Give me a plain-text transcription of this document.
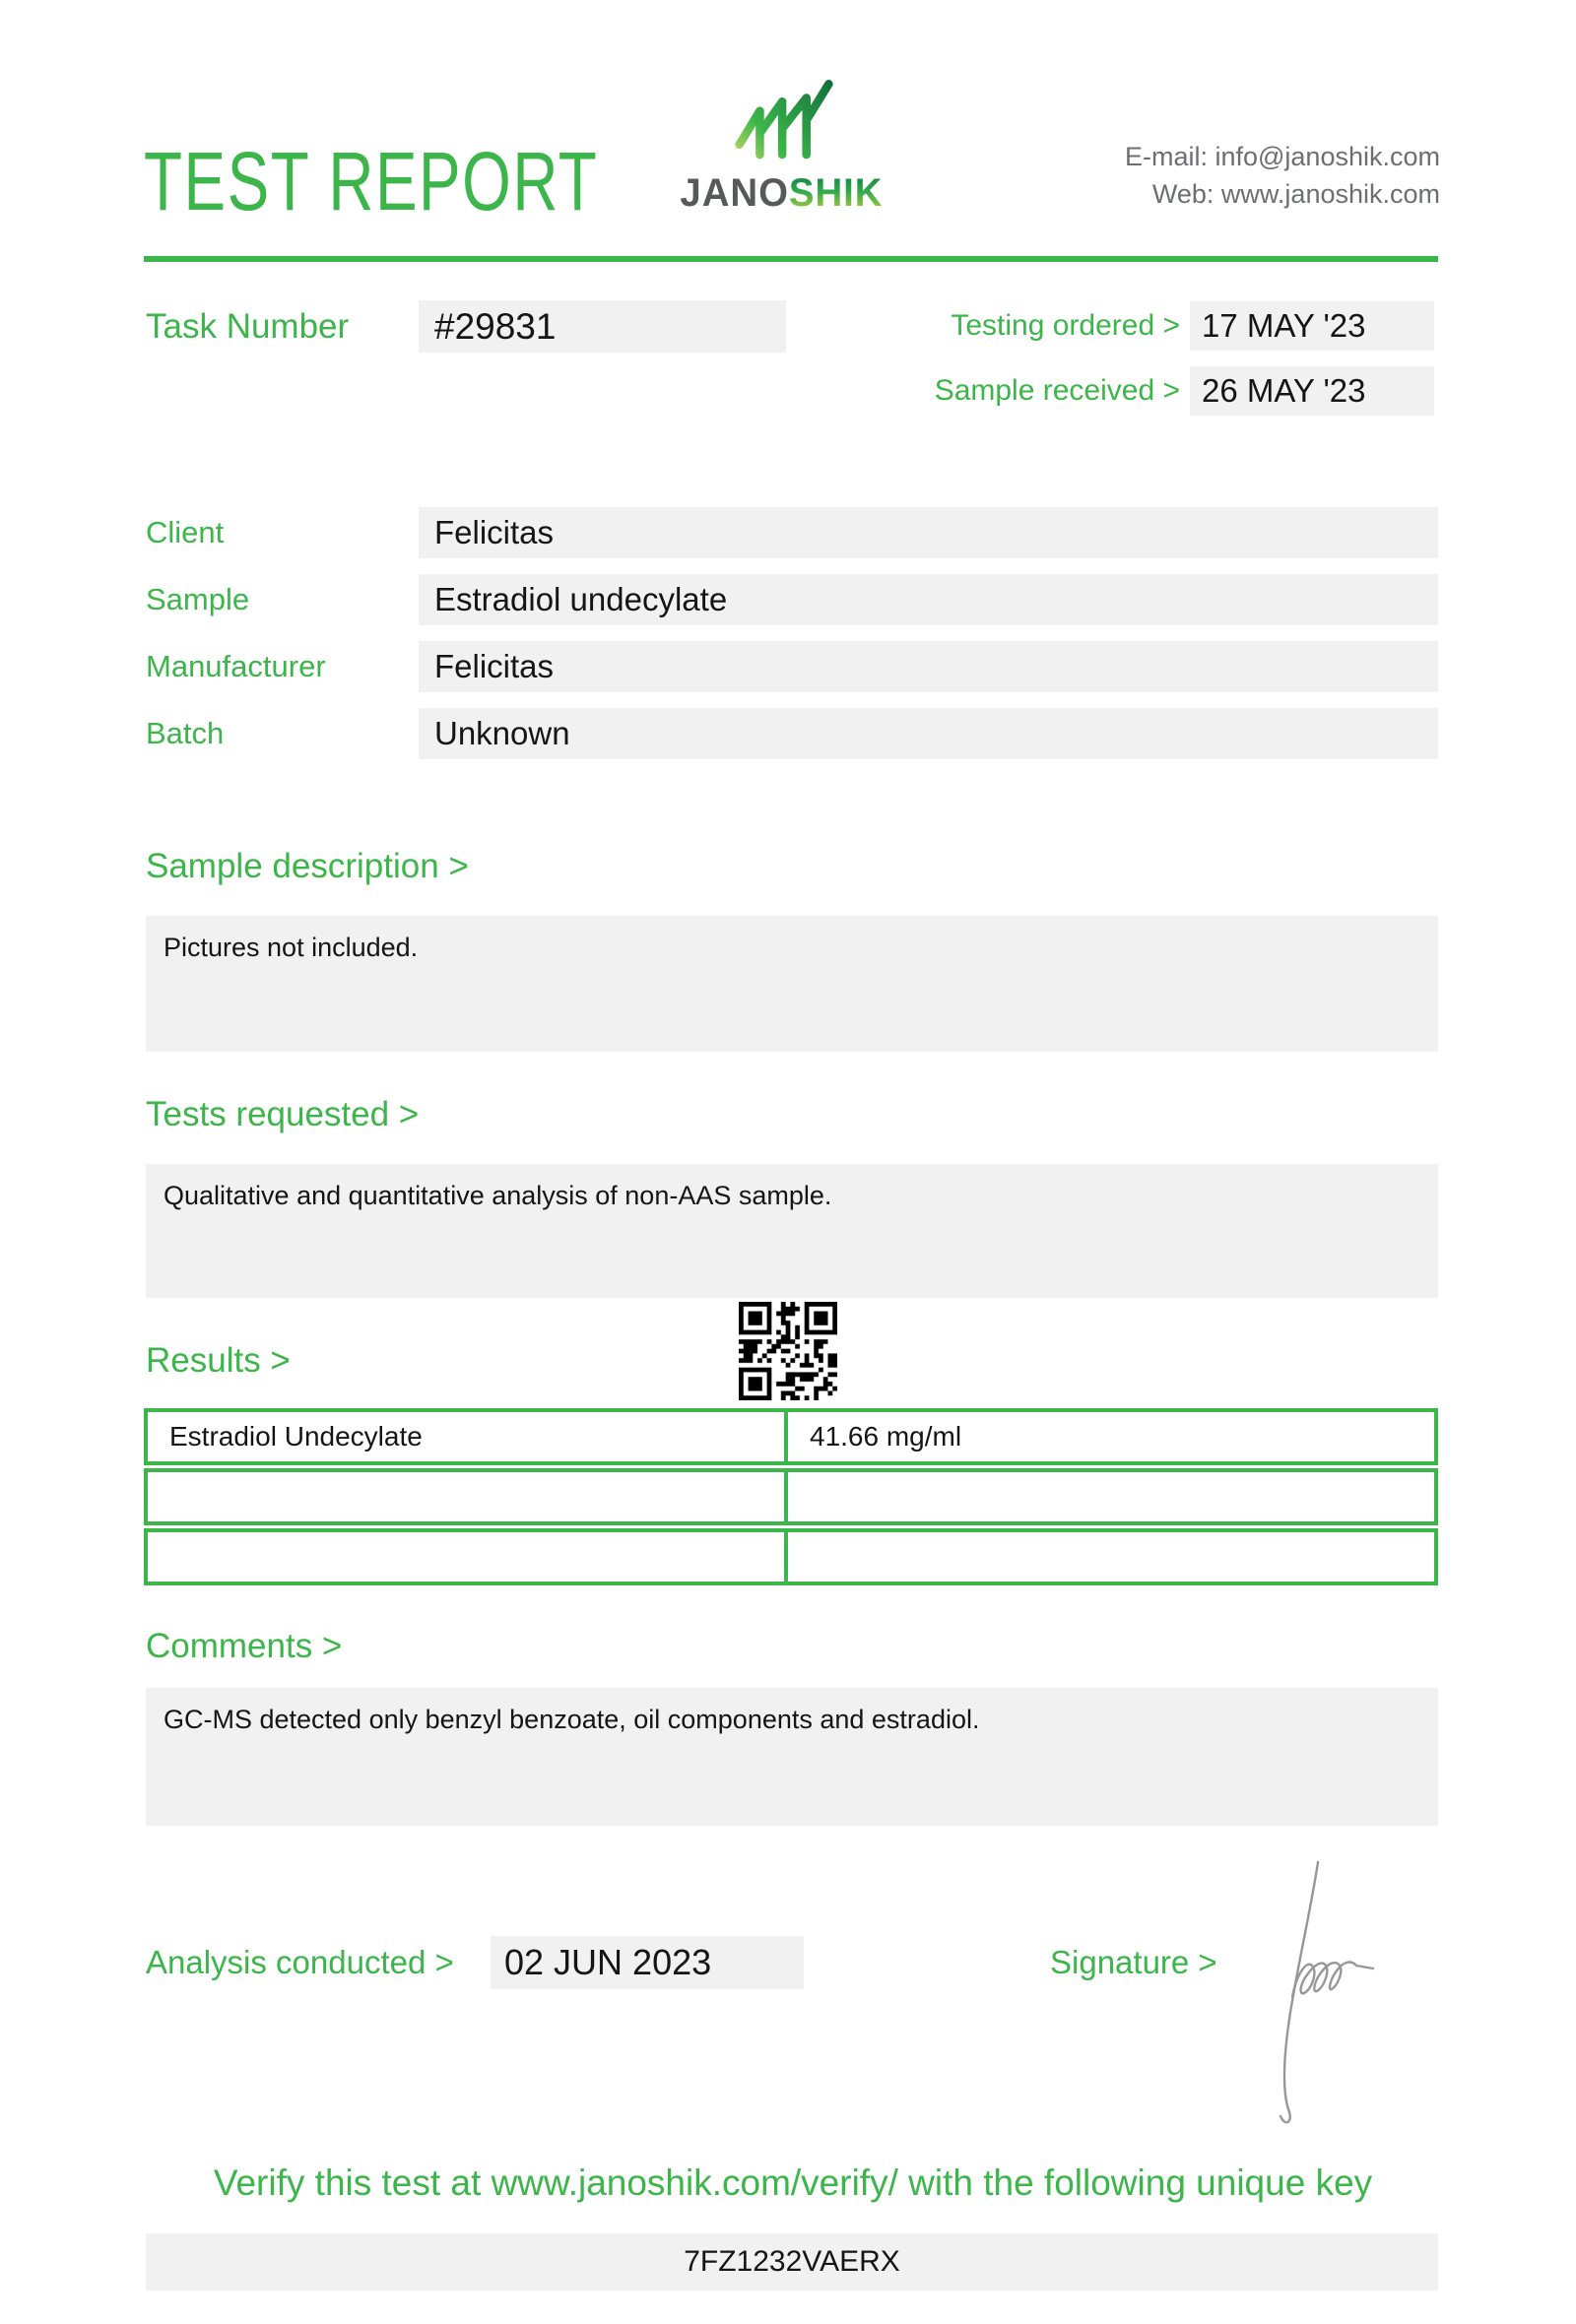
TEST REPORT JANOSHIK
E-mail: info@janoshik.com
Web: www.janoshik.com
Task Number	#29831	Testing ordered > 17 MAY '23
Sample received > 26 MAY '23
Client	Felicitas
Sample	Estradiol undecylate
Manufacturer	Felicitas
Batch	Unknown
Sample description >
Pictures not included.
Tests requested >
Qualitative and quantitative analysis of non-AAS sample.
Results >
Estradiol Undecylate	41.66 mg/ml
Comments >
GC-MS detected only benzyl benzoate, oil components and estradiol.
Analysis conducted >	02 JUN 2023	Signature >
Verify this test at www.janoshik.com/verify/ with the following unique key
7FZ1232VAERX
